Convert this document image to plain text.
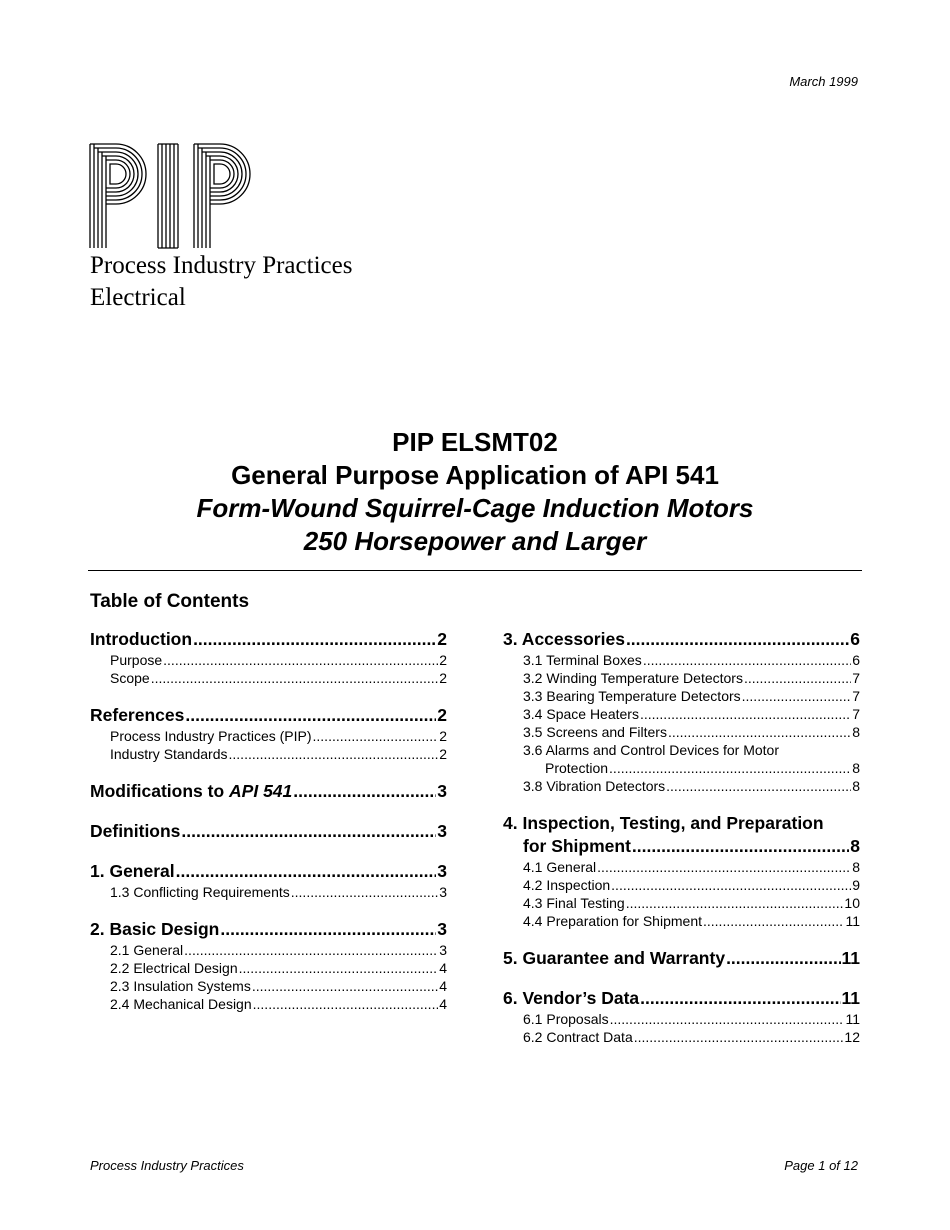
March 1999
Process Industry Practices
Electrical
PIP ELSMT02
General Purpose Application of API 541
Form-Wound Squirrel-Cage Induction Motors
250 Horsepower and Larger
Table of Contents
Introduction .....	2
Purpose .....	2
Scope .....	2
References .....	2
Process Industry Practices (PIP) .....	2
Industry Standards .....	2
Modifications to API 541 .....	3
Definitions .....	3
1. General .....	3
1.3 Conflicting Requirements .....	3
2. Basic Design .....	3
2.1 General .....	3
2.2 Electrical Design .....	4
2.3 Insulation Systems .....	4
2.4 Mechanical Design .....	4
3. Accessories .....	6
3.1 Terminal Boxes .....	6
3.2 Winding Temperature Detectors .....	7
3.3 Bearing Temperature Detectors .....	7
3.4 Space Heaters .....	7
3.5 Screens and Filters .....	8
3.6 Alarms and Control Devices for Motor
Protection .....	8
3.8 Vibration Detectors .....	8
4. Inspection, Testing, and Preparation
for Shipment .....	8
4.1 General .....	8
4.2 Inspection .....	9
4.3 Final Testing .....	10
4.4 Preparation for Shipment .....	11
5. Guarantee and Warranty .....	11
6. Vendor’s Data .....	11
6.1 Proposals .....	11
6.2 Contract Data .....	12
Process Industry Practices	Page 1 of 12
